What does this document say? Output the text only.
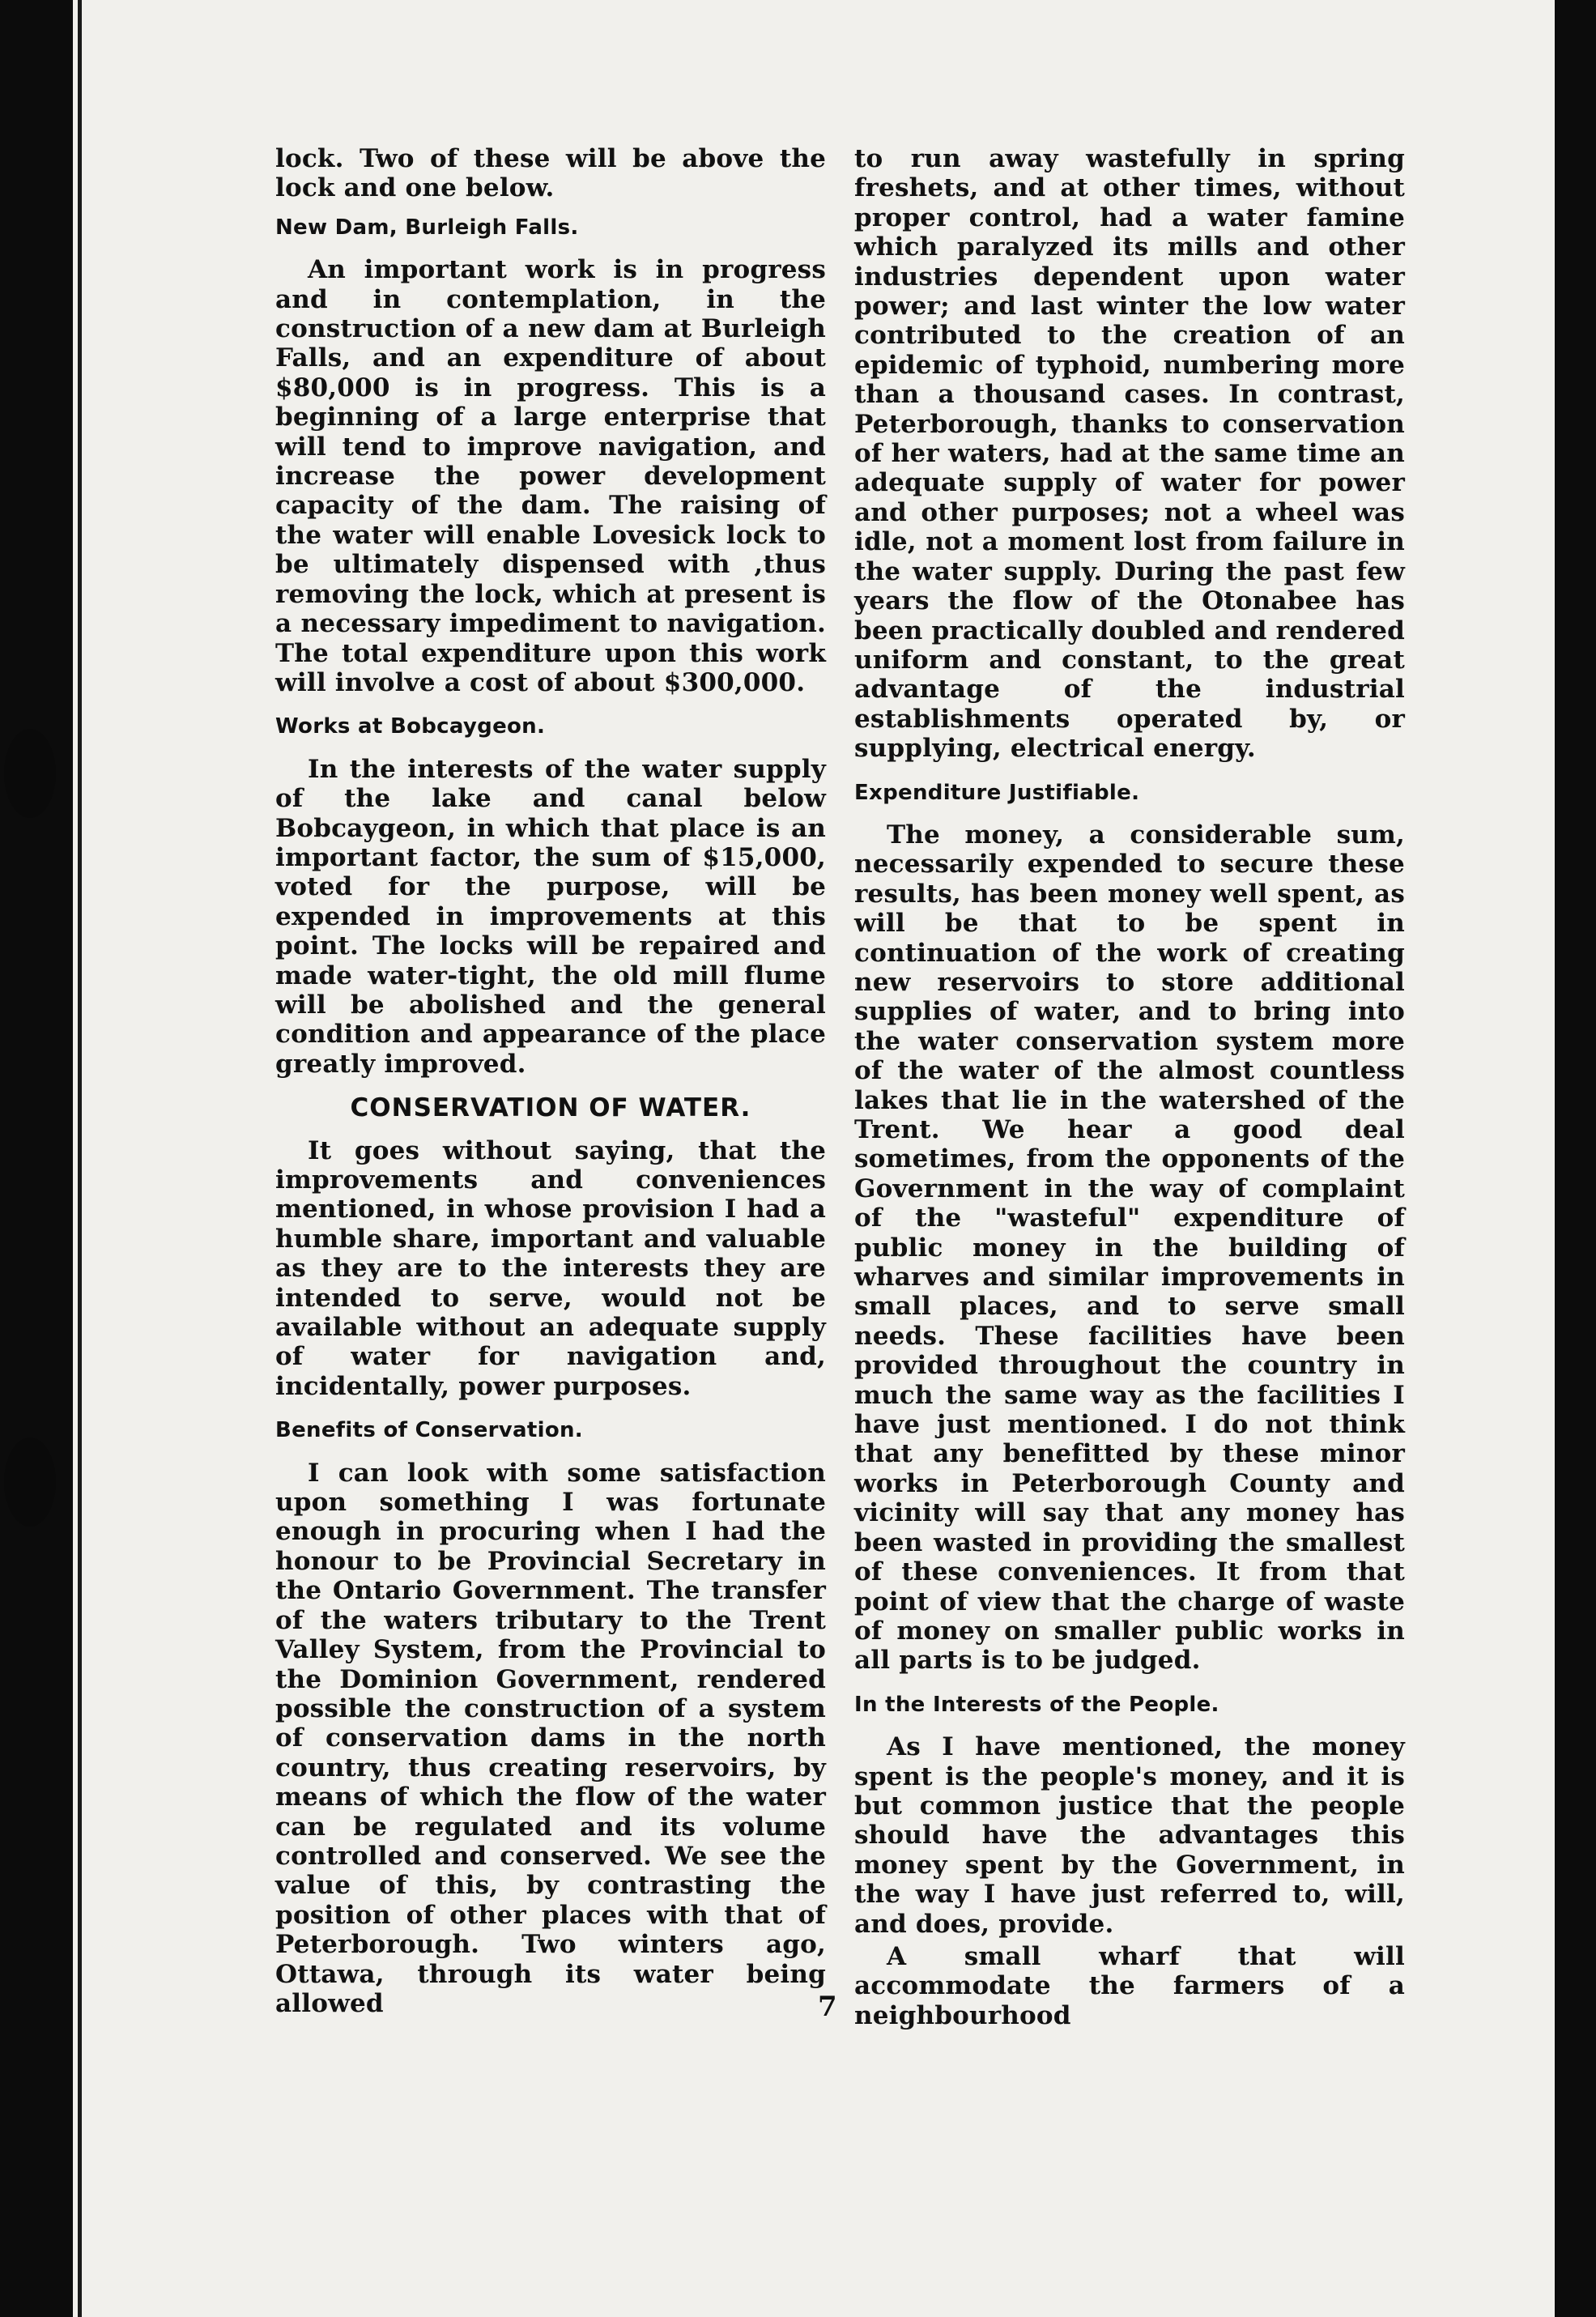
lock. Two of these will be above the lock and one below.

New Dam, Burleigh Falls.

An important work is in progress and in contemplation, in the construction of a new dam at Burleigh Falls, and an expenditure of about $80,000 is in progress. This is a beginning of a large enterprise that will tend to improve navigation, and increase the power development capacity of the dam. The raising of the water will enable Lovesick lock to be ultimately dispensed with ,thus removing the lock, which at present is a necessary impediment to navigation. The total expenditure upon this work will involve a cost of about $300,000.

Works at Bobcaygeon.

In the interests of the water supply of the lake and canal below Bobcaygeon, in which that place is an important factor, the sum of $15,000, voted for the purpose, will be expended in improvements at this point. The locks will be repaired and made water-tight, the old mill flume will be abolished and the general condition and appearance of the place greatly improved.

CONSERVATION OF WATER.

It goes without saying, that the improvements and conveniences mentioned, in whose provision I had a humble share, important and valuable as they are to the interests they are intended to serve, would not be available without an adequate supply of water for navigation and, incidentally, power purposes.

Benefits of Conservation.

I can look with some satisfaction upon something I was fortunate enough in procuring when I had the honour to be Provincial Secretary in the Ontario Government. The transfer of the waters tributary to the Trent Valley System, from the Provincial to the Dominion Government, rendered possible the construction of a system of conservation dams in the north country, thus creating reservoirs, by means of which the flow of the water can be regulated and its volume controlled and conserved. We see the value of this, by contrasting the position of other places with that of Peterborough. Two winters ago, Ottawa, through its water being allowed

to run away wastefully in spring freshets, and at other times, without proper control, had a water famine which paralyzed its mills and other industries dependent upon water power; and last winter the low water contributed to the creation of an epidemic of typhoid, numbering more than a thousand cases. In contrast, Peterborough, thanks to conservation of her waters, had at the same time an adequate supply of water for power and other purposes; not a wheel was idle, not a moment lost from failure in the water supply. During the past few years the flow of the Otonabee has been practically doubled and rendered uniform and constant, to the great advantage of the industrial establishments operated by, or supplying, electrical energy.

Expenditure Justifiable.

The money, a considerable sum, necessarily expended to secure these results, has been money well spent, as will be that to be spent in continuation of the work of creating new reservoirs to store additional supplies of water, and to bring into the water conservation system more of the water of the almost countless lakes that lie in the watershed of the Trent. We hear a good deal sometimes, from the opponents of the Government in the way of complaint of the "wasteful" expenditure of public money in the building of wharves and similar improvements in small places, and to serve small needs. These facilities have been provided throughout the country in much the same way as the facilities I have just mentioned. I do not think that any benefitted by these minor works in Peterborough County and vicinity will say that any money has been wasted in providing the smallest of these conveniences. It from that point of view that the charge of waste of money on smaller public works in all parts is to be judged.

In the Interests of the People.

As I have mentioned, the money spent is the people's money, and it is but common justice that the people should have the advantages this money spent by the Government, in the way I have just referred to, will, and does, provide.

A small wharf that will accommodate the farmers of a neighbourhood

7
